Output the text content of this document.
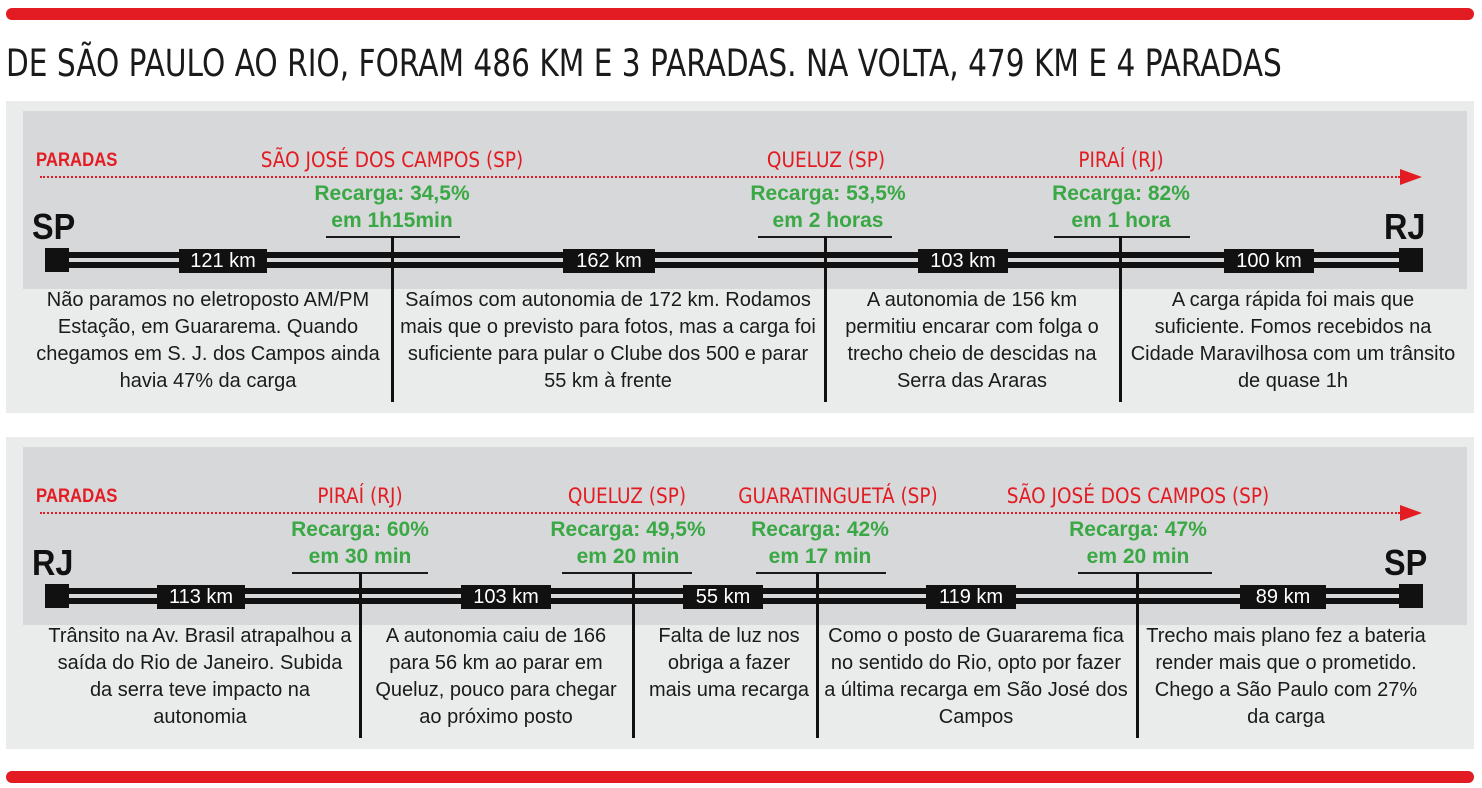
DE SÃO PAULO AO RIO, FORAM 486 KM E 3 PARADAS. NA VOLTA, 479 KM E 4 PARADAS
PARADAS	SÃO JOSÉ DOS CAMPOS (SP)
Recarga: 34,5%
em 1h15min
QUELUZ (SP)
Recarga: 53,5%
em 2 horas
PIRAÍ (RJ)
Recarga: 82%
em 1 hora
SP	RJ
121 km	162 km	103 km	100 km
Não paramos no eletroposto AM/PM Estação, em Guararema. Quando chegamos em S. J. dos Campos ainda havia 47% da carga
Saímos com autonomia de 172 km. Rodamos mais que o previsto para fotos, mas a carga foi suficiente para pular o Clube dos 500 e parar 55 km à frente
A autonomia de 156 km permitiu encarar com folga o trecho cheio de descidas na Serra das Araras
A carga rápida foi mais que suficiente. Fomos recebidos na Cidade Maravilhosa com um trânsito de quase 1h
PARADAS	PIRAÍ (RJ)
Recarga: 60%
em 30 min
QUELUZ (SP)
Recarga: 49,5%
em 20 min
GUARATINGUETÁ (SP)
Recarga: 42%
em 17 min
SÃO JOSÉ DOS CAMPOS (SP)
Recarga: 47%
em 20 min
RJ	SP
113 km	103 km	55 km	119 km	89 km
Trânsito na Av. Brasil atrapalhou a saída do Rio de Janeiro. Subida da serra teve impacto na autonomia
A autonomia caiu de 166 para 56 km ao parar em Queluz, pouco para chegar ao próximo posto
Falta de luz nos obriga a fazer mais uma recarga
Como o posto de Guararema fica no sentido do Rio, opto por fazer a última recarga em São José dos Campos
Trecho mais plano fez a bateria render mais que o prometido. Chego a São Paulo com 27% da carga
